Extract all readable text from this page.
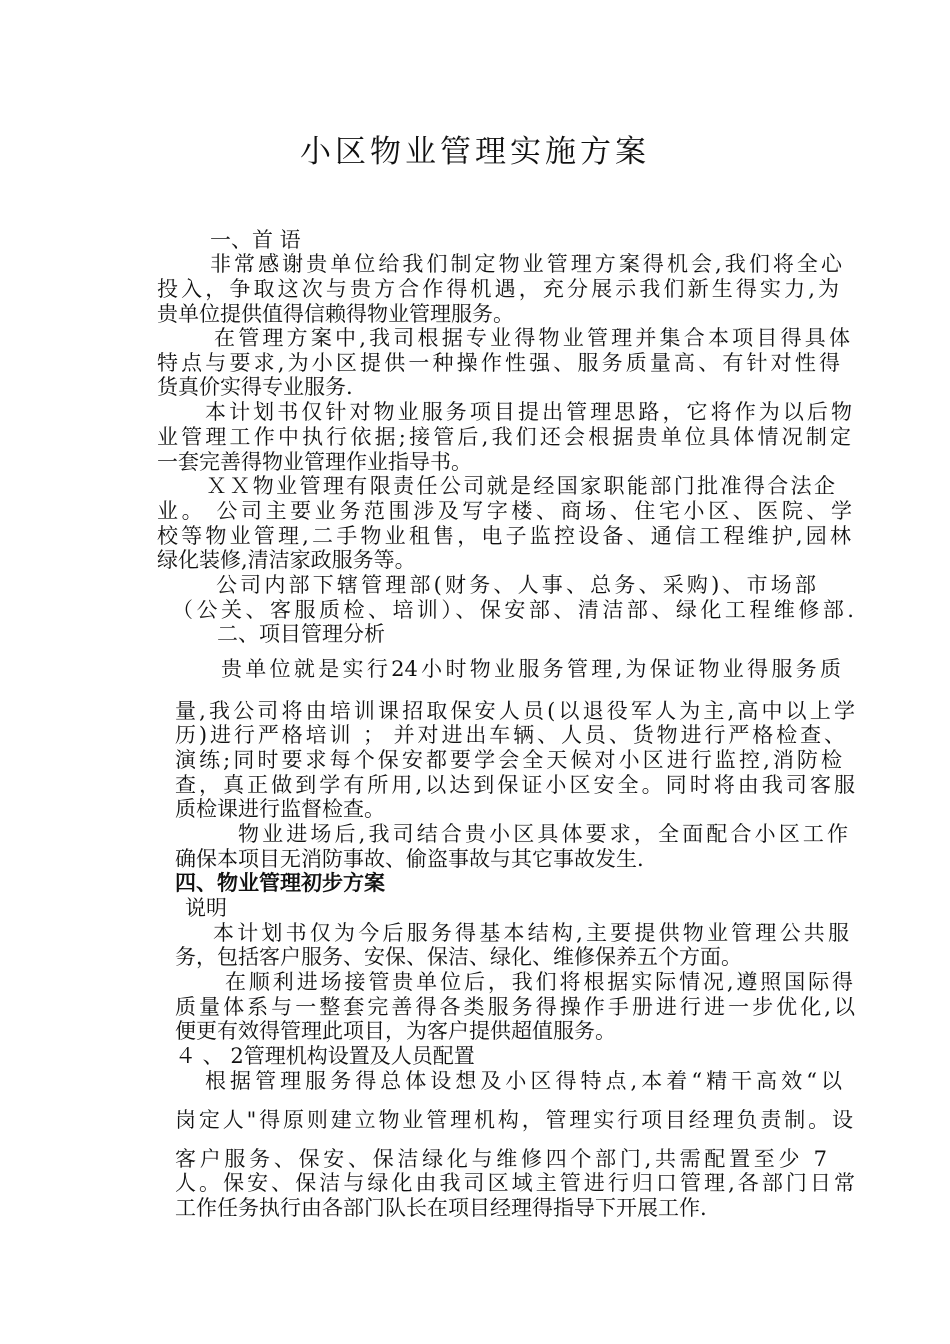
小区物业管理实施方案
一、首 语
非常感谢贵单位给我们制定物业管理方案得机会,我们将全心
投入，争取这次与贵方合作得机遇，充分展示我们新生得实力,为
贵单位提供值得信赖得物业管理服务。
在管理方案中,我司根据专业得物业管理并集合本项目得具体
特点与要求,为小区提供一种操作性强、服务质量高、有针对性得
货真价实得专业服务.
本计划书仅针对物业服务项目提出管理思路，它将作为以后物
业管理工作中执行依据;接管后,我们还会根据贵单位具体情况制定
一套完善得物业管理作业指导书。
ＸＸ物业管理有限责任公司就是经国家职能部门批准得合法企
业。 公司主要业务范围涉及写字楼、商场、住宅小区、医院、学
校等物业管理,二手物业租售，电子监控设备、通信工程维护,园林
绿化装修,清洁家政服务等。
公司内部下辖管理部(财务、人事、总务、采购)、市场部
（公关、客服质检、培训）、保安部、清洁部、绿化工程维修部.
二、项目管理分析
贵单位就是实行24小时物业服务管理,为保证物业得服务质
量,我公司将由培训课招取保安人员(以退役军人为主,高中以上学
历)进行严格培训 ； 并对进出车辆、人员、货物进行严格检查、
演练;同时要求每个保安都要学会全天候对小区进行监控,消防检
查，真正做到学有所用,以达到保证小区安全。同时将由我司客服
质检课进行监督检查。
物业进场后,我司结合贵小区具体要求，全面配合小区工作
确保本项目无消防事故、偷盗事故与其它事故发生.
四、物业管理初步方案
说明
本计划书仅为今后服务得基本结构,主要提供物业管理公共服
务，包括客户服务、安保、保洁、绿化、维修保养五个方面。
在顺利进场接管贵单位后，我们将根据实际情况,遵照国际得
质量体系与一整套完善得各类服务得操作手册进行进一步优化,以
便更有效得管理此项目，为客户提供超值服务。
４ 、 2管理机构设置及人员配置
根据管理服务得总体设想及小区得特点,本着“精干高效“以
岗定人"得原则建立物业管理机构，管理实行项目经理负责制。设
客户服务、保安、保洁绿化与维修四个部门,共需配置至少 7
人。保安、保洁与绿化由我司区域主管进行归口管理,各部门日常
工作任务执行由各部门队长在项目经理得指导下开展工作.
